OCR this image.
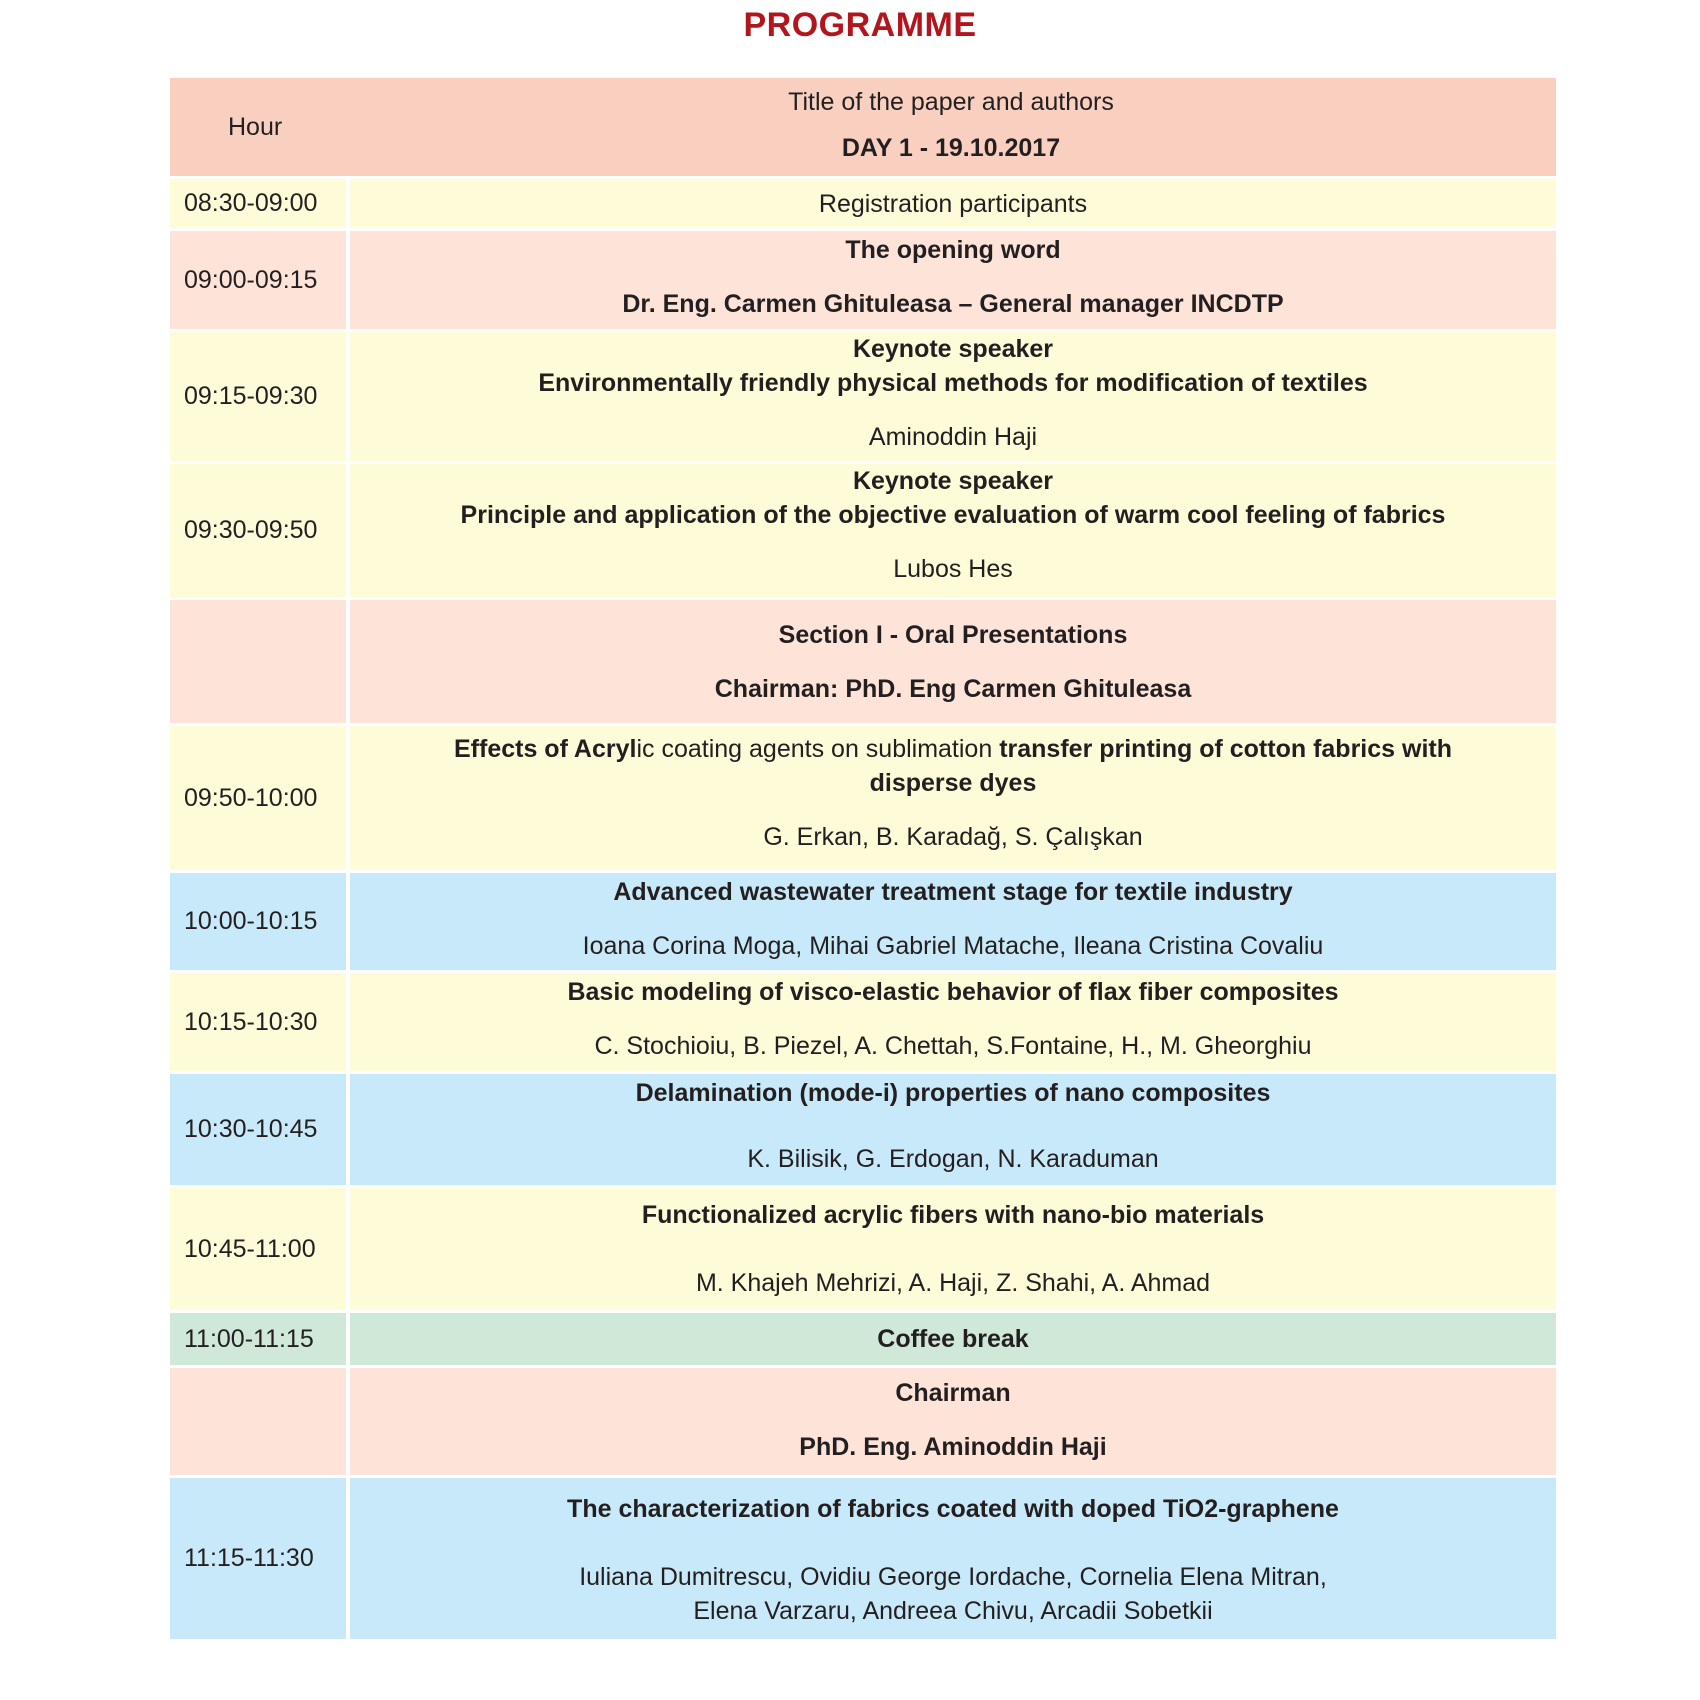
PROGRAMME
Hour
Title of the paper and authors
DAY 1 - 19.10.2017
08:30-09:00	Registration participants
09:00-09:15
The opening word
Dr. Eng. Carmen Ghituleasa – General manager INCDTP
09:15-09:30
Keynote speaker
Environmentally friendly physical methods for modification of textiles
Aminoddin Haji
09:30-09:50
Keynote speaker
Principle and application of the objective evaluation of warm cool feeling of fabrics
Lubos Hes
Section I - Oral Presentations
Chairman: PhD. Eng Carmen Ghituleasa
09:50-10:00
Effects of Acrylic coating agents on sublimation transfer printing of cotton fabrics with
disperse dyes
G. Erkan, B. Karadağ, S. Çalışkan
10:00-10:15
Advanced wastewater treatment stage for textile industry
Ioana Corina Moga, Mihai Gabriel Matache, Ileana Cristina Covaliu
10:15-10:30
Basic modeling of visco-elastic behavior of flax fiber composites
C. Stochioiu, B. Piezel, A. Chettah, S.Fontaine, H., M. Gheorghiu
10:30-10:45
Delamination (mode-i) properties of nano composites
K. Bilisik, G. Erdogan, N. Karaduman
10:45-11:00
Functionalized acrylic fibers with nano-bio materials
M. Khajeh Mehrizi, A. Haji, Z. Shahi, A. Ahmad
11:00-11:15	Coffee break
Chairman
PhD. Eng. Aminoddin Haji
11:15-11:30
The characterization of fabrics coated with doped TiO2-graphene
Iuliana Dumitrescu, Ovidiu George Iordache, Cornelia Elena Mitran,
Elena Varzaru, Andreea Chivu, Arcadii Sobetkii
